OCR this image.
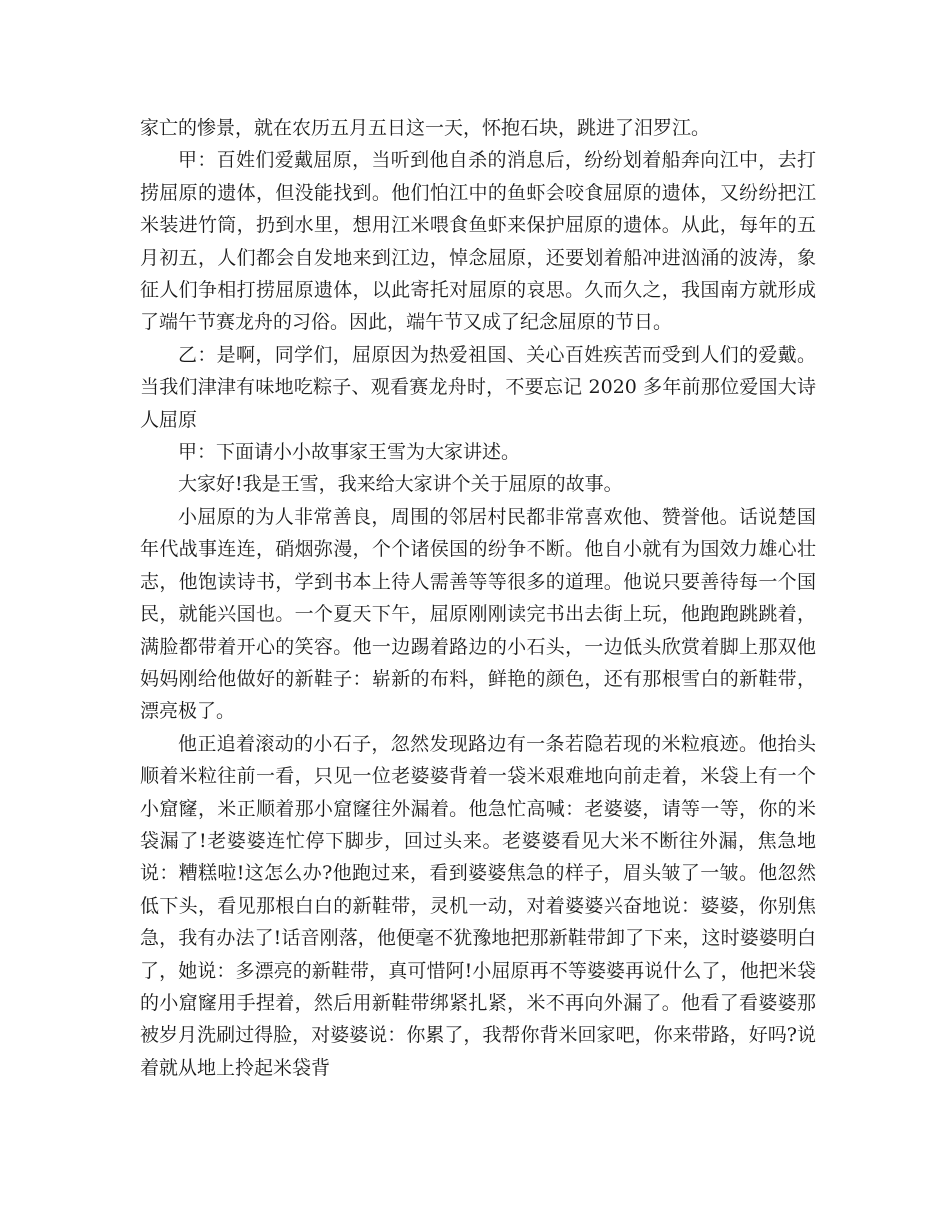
家亡的惨景，就在农历五月五日这一天，怀抱石块，跳进了汨罗江。

甲：百姓们爱戴屈原，当听到他自杀的消息后，纷纷划着船奔向江中，去打捞屈原的遗体，但没能找到。他们怕江中的鱼虾会咬食屈原的遗体，又纷纷把江米装进竹筒，扔到水里，想用江米喂食鱼虾来保护屈原的遗体。从此，每年的五月初五，人们都会自发地来到江边，悼念屈原，还要划着船冲进汹涌的波涛，象征人们争相打捞屈原遗体，以此寄托对屈原的哀思。久而久之，我国南方就形成了端午节赛龙舟的习俗。因此，端午节又成了纪念屈原的节日。

乙：是啊，同学们，屈原因为热爱祖国、关心百姓疾苦而受到人们的爱戴。当我们津津有味地吃粽子、观看赛龙舟时，不要忘记 2020 多年前那位爱国大诗人屈原

甲：下面请小小故事家王雪为大家讲述。

大家好!我是王雪，我来给大家讲个关于屈原的故事。

小屈原的为人非常善良，周围的邻居村民都非常喜欢他、赞誉他。话说楚国年代战事连连，硝烟弥漫，个个诸侯国的纷争不断。他自小就有为国效力雄心壮志，他饱读诗书，学到书本上待人需善等等很多的道理。他说只要善待每一个国民，就能兴国也。一个夏天下午，屈原刚刚读完书出去街上玩，他跑跑跳跳着，满脸都带着开心的笑容。他一边踢着路边的小石头，一边低头欣赏着脚上那双他妈妈刚给他做好的新鞋子：崭新的布料，鲜艳的颜色，还有那根雪白的新鞋带，漂亮极了。

他正追着滚动的小石子，忽然发现路边有一条若隐若现的米粒痕迹。他抬头顺着米粒往前一看，只见一位老婆婆背着一袋米艰难地向前走着，米袋上有一个小窟窿，米正顺着那小窟窿往外漏着。他急忙高喊：老婆婆，请等一等，你的米袋漏了!老婆婆连忙停下脚步，回过头来。老婆婆看见大米不断往外漏，焦急地说：糟糕啦!这怎么办?他跑过来，看到婆婆焦急的样子，眉头皱了一皱。他忽然低下头，看见那根白白的新鞋带，灵机一动，对着婆婆兴奋地说：婆婆，你别焦急，我有办法了!话音刚落，他便毫不犹豫地把那新鞋带卸了下来，这时婆婆明白了，她说：多漂亮的新鞋带，真可惜阿!小屈原再不等婆婆再说什么了，他把米袋的小窟窿用手捏着，然后用新鞋带绑紧扎紧，米不再向外漏了。他看了看婆婆那被岁月洗刷过得脸，对婆婆说：你累了，我帮你背米回家吧，你来带路，好吗?说着就从地上拎起米袋背
